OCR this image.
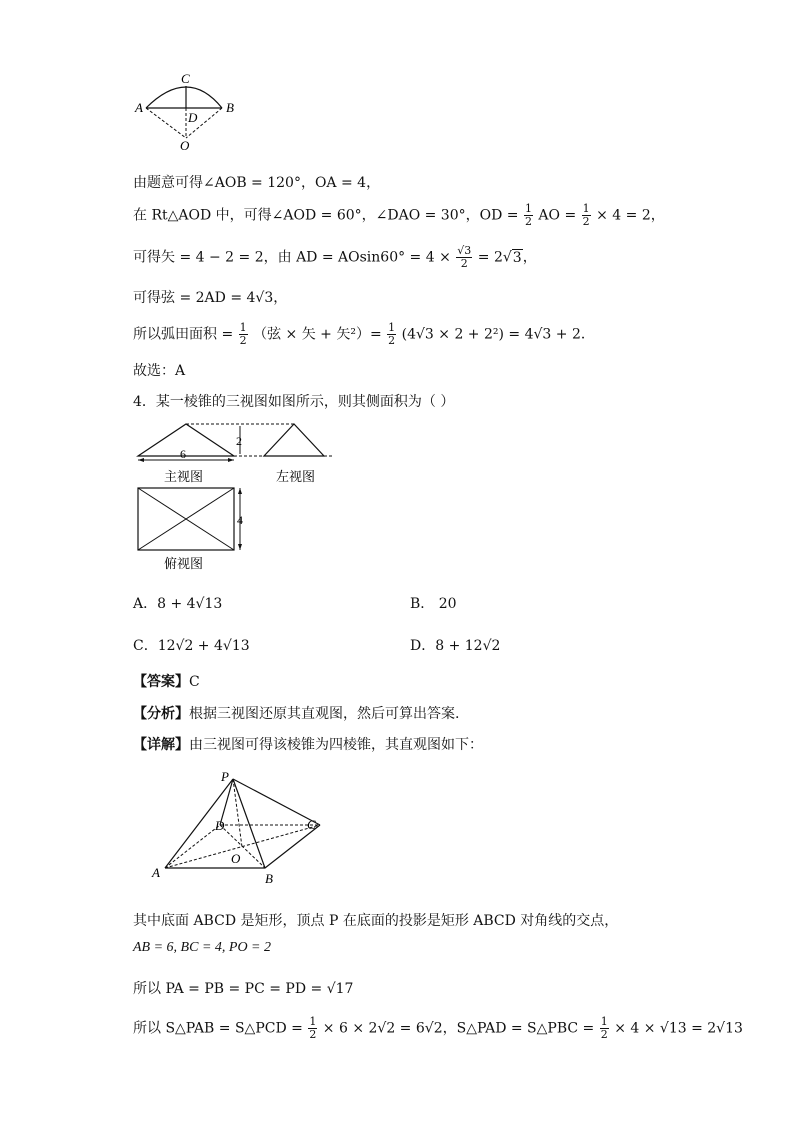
C
A	B
D
O
由题意可得∠AOB = 120°，OA = 4，
在 Rt△AOD 中，可得∠AOD = 60°，∠DAO = 30°，OD = $\frac{1}{2}$ AO = $\frac{1}{2} \times 4 = 2$，
可得矢 = 4 − 2 = 2，由 AD = $AOsin60^\circ = 4 \times \frac{√3}{2} = 2√3$，
可得弦 = 2AD = 4√3，
所以弧田面积 = $\frac{1}{2}$ （弦 × 矢 + 矢$^2)= \frac{1}{2} (4√3 \times 2 + 2^2) = 4√3 + 2$．
故选：A
4．某一棱锥的三视图如图所示，则其侧面积为（ ）
2
6
主视图	左视图
4
俯视图
A．8 + 4√13	B． 20
C．12√2 + 4√13	D．8 + 12√2
【答案】C
【分析】根据三视图还原其直观图，然后可算出答案.
【详解】由三视图可得该棱锥为四棱锥，其直观图如下：
P
D	C
O
A	B
其中底面 ABCD 是矩形，顶点 P 在底面的投影是矩形 ABCD 对角线的交点，
AB = 6, BC = 4, PO = 2
所以 PA = PB = PC = PD = √17
所以 S△PAB = S△PCD = $\frac{1}{2} \times 6 \times 2√2 = 6√2$，S△PAD = S△PBC = $\frac{1}{2} \times 4 \times √13 = 2√13$
